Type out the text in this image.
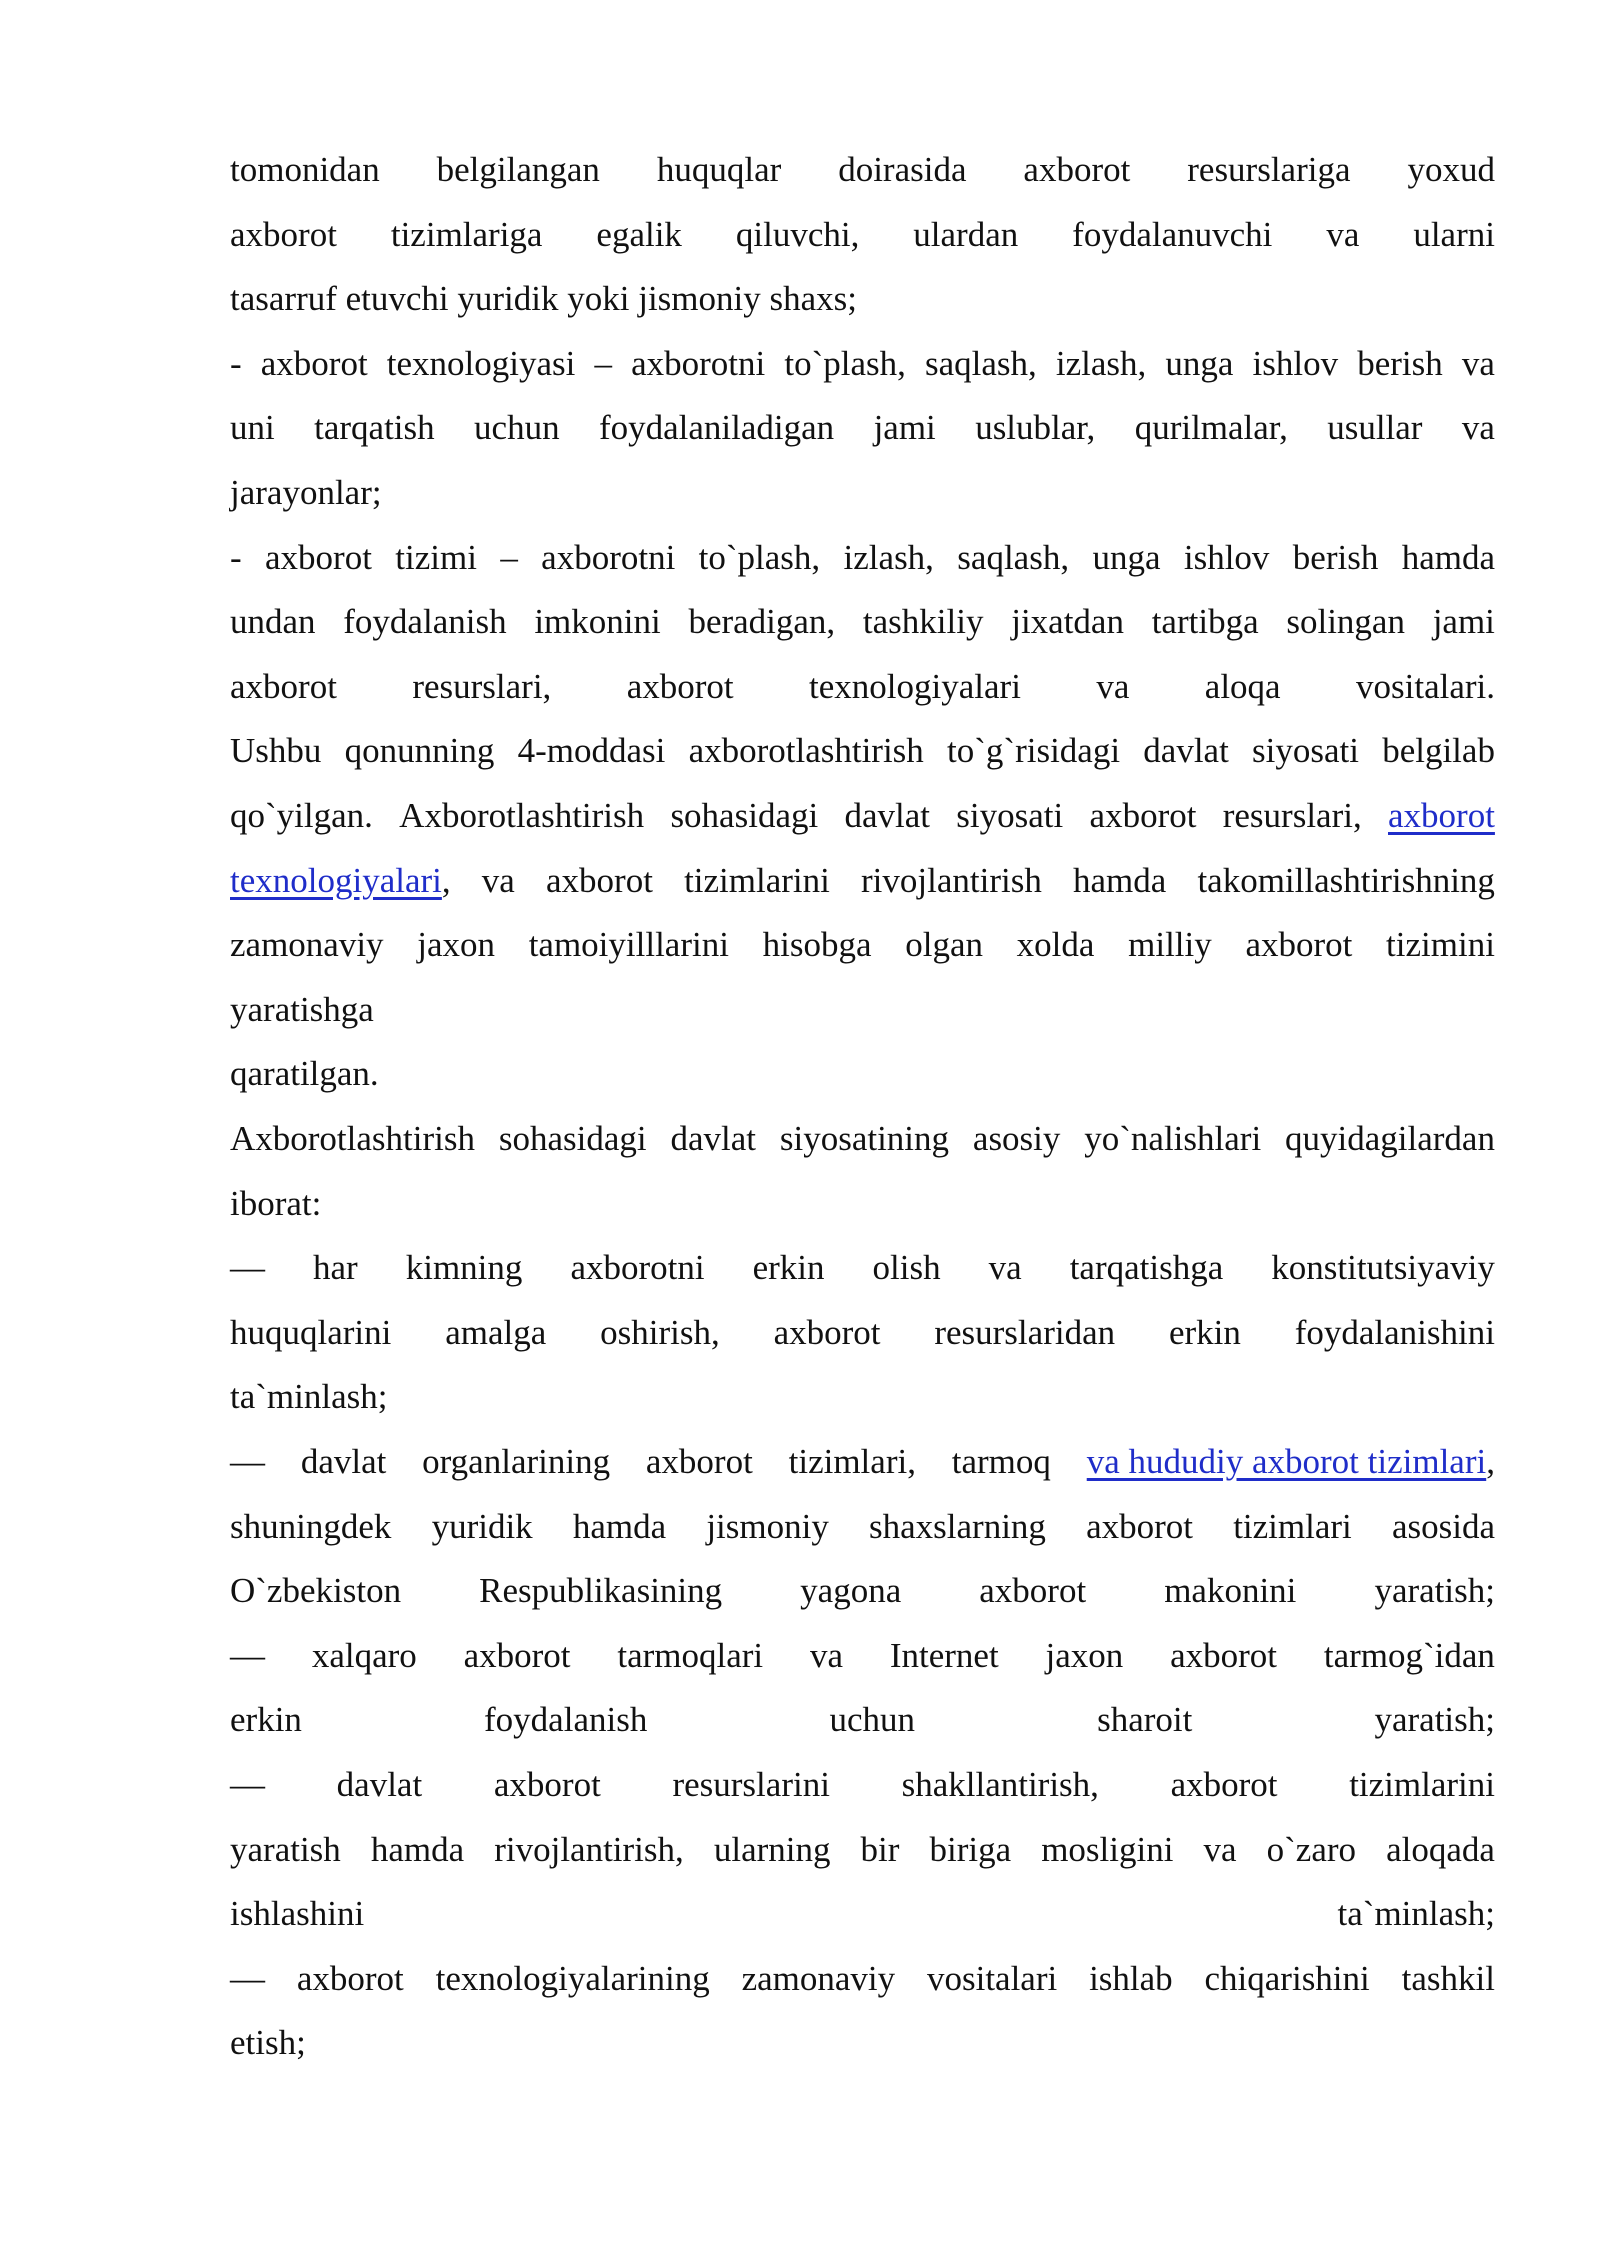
tomonidan belgilangan huquqlar doirasida axborot resurslariga yoxud
axborot tizimlariga egalik qiluvchi, ulardan foydalanuvchi va ularni
tasarruf etuvchi yuridik yoki jismoniy shaxs;
- axborot texnologiyasi – axborotni to`plash, saqlash, izlash, unga ishlov berish va
uni tarqatish uchun foydalaniladigan jami uslublar, qurilmalar, usullar va
jarayonlar;
- axborot tizimi – axborotni to`plash, izlash, saqlash, unga ishlov berish hamda
undan foydalanish imkonini beradigan, tashkiliy jixatdan tartibga solingan jami
axborot resurslari, axborot texnologiyalari va aloqa vositalari.
Ushbu qonunning 4-moddasi axborotlashtirish to`g`risidagi davlat siyosati belgilab
qo`yilgan. Axborotlashtirish sohasidagi davlat siyosati axborot resurslari, axborot
texnologiyalari, va axborot tizimlarini rivojlantirish hamda takomillashtirishning
zamonaviy jaxon tamoiyilllarini hisobga olgan xolda milliy axborot tizimini
yaratishga
qaratilgan.
Axborotlashtirish sohasidagi davlat siyosatining asosiy yo`nalishlari quyidagilardan
iborat:
— har kimning axborotni erkin olish va tarqatishga konstitutsiyaviy
huquqlarini amalga oshirish, axborot resurslaridan erkin foydalanishini
ta`minlash;
— davlat organlarining axborot tizimlari, tarmoq va hududiy axborot tizimlari,
shuningdek yuridik hamda jismoniy shaxslarning axborot tizimlari asosida
O`zbekiston Respublikasining yagona axborot makonini yaratish;
— xalqaro axborot tarmoqlari va Internet jaxon axborot tarmog`idan
erkin	foydalanish	uchun	sharoit	yaratish;
— davlat axborot resurslarini shakllantirish, axborot tizimlarini
yaratish hamda rivojlantirish, ularning bir biriga mosligini va o`zaro aloqada
ishlashini	ta`minlash;
— axborot texnologiyalarining zamonaviy vositalari ishlab chiqarishini tashkil
etish;
